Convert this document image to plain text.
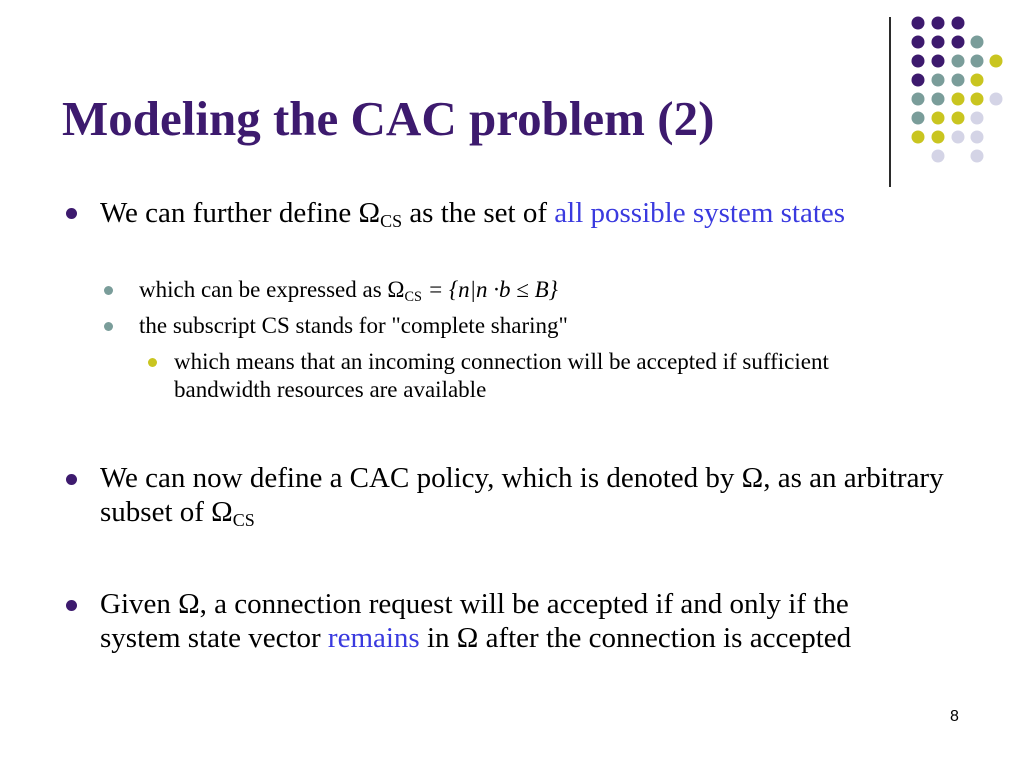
Modeling the CAC problem (2)

We can further define $\Omega_{CS}$ as the set of all possible system states

which can be expressed as $\Omega_{CS} = \{n|n \cdot b \le B\}$

the subscript CS stands for "complete sharing"

which means that an incoming connection will be accepted if sufficient bandwidth resources are available

We can now define a CAC policy, which is denoted by Ω, as an arbitrary subset of $\Omega_{CS}$

Given Ω, a connection request will be accepted if and only if the system state vector remains in Ω after the connection is accepted

8
